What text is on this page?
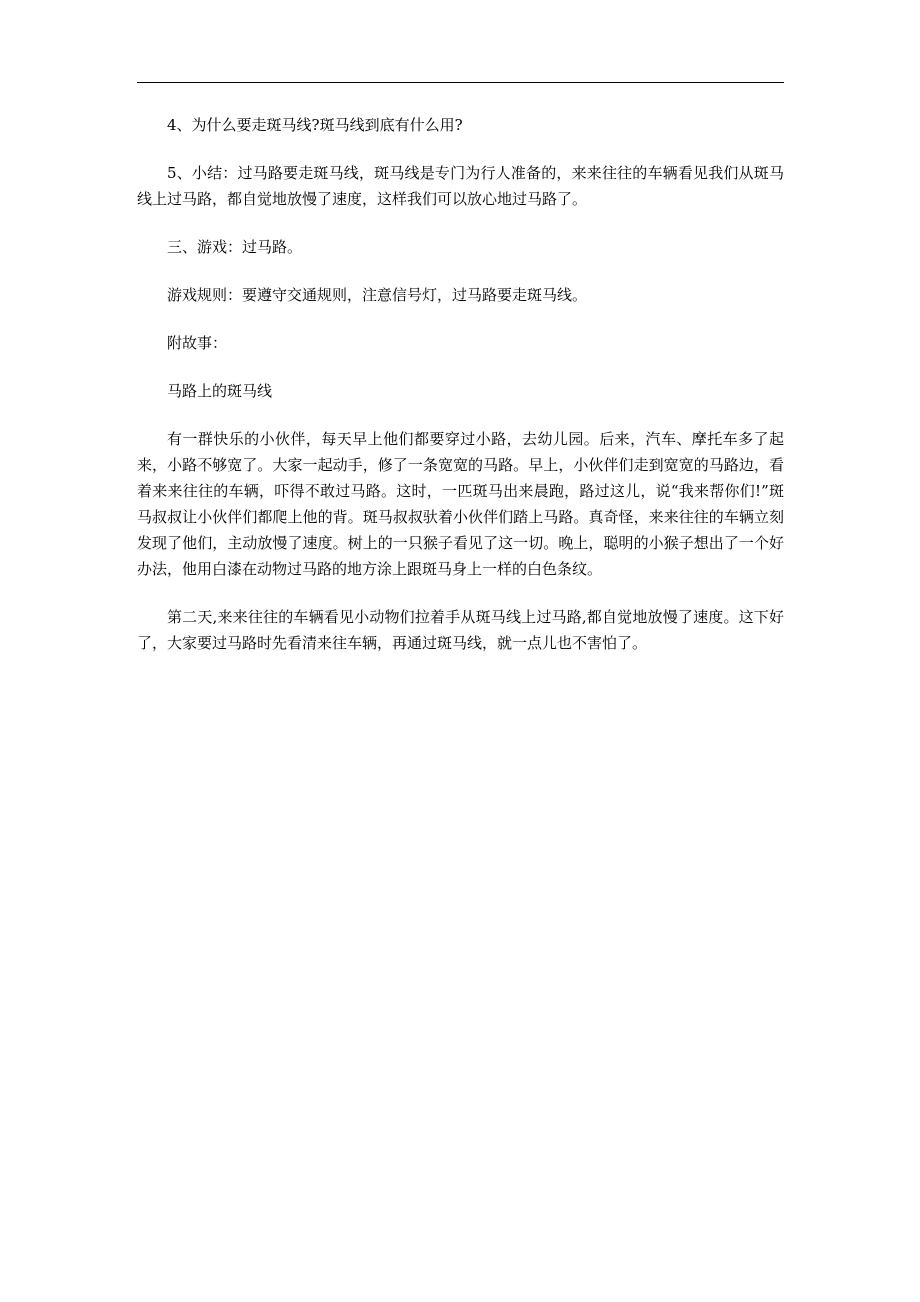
4、为什么要走斑马线?斑马线到底有什么用?

5、小结：过马路要走斑马线，斑马线是专门为行人准备的，来来往往的车辆看见我们从斑马线上过马路，都自觉地放慢了速度，这样我们可以放心地过马路了。

三、游戏：过马路。

游戏规则：要遵守交通规则，注意信号灯，过马路要走斑马线。

附故事：

马路上的斑马线

有一群快乐的小伙伴，每天早上他们都要穿过小路，去幼儿园。后来，汽车、摩托车多了起来，小路不够宽了。大家一起动手，修了一条宽宽的马路。早上，小伙伴们走到宽宽的马路边，看着来来往往的车辆，吓得不敢过马路。这时，一匹斑马出来晨跑，路过这儿，说“我来帮你们!”斑马叔叔让小伙伴们都爬上他的背。斑马叔叔驮着小伙伴们踏上马路。真奇怪，来来往往的车辆立刻发现了他们，主动放慢了速度。树上的一只猴子看见了这一切。晚上，聪明的小猴子想出了一个好办法，他用白漆在动物过马路的地方涂上跟斑马身上一样的白色条纹。

第二天,来来往往的车辆看见小动物们拉着手从斑马线上过马路,都自觉地放慢了速度。这下好了，大家要过马路时先看清来往车辆，再通过斑马线，就一点儿也不害怕了。
